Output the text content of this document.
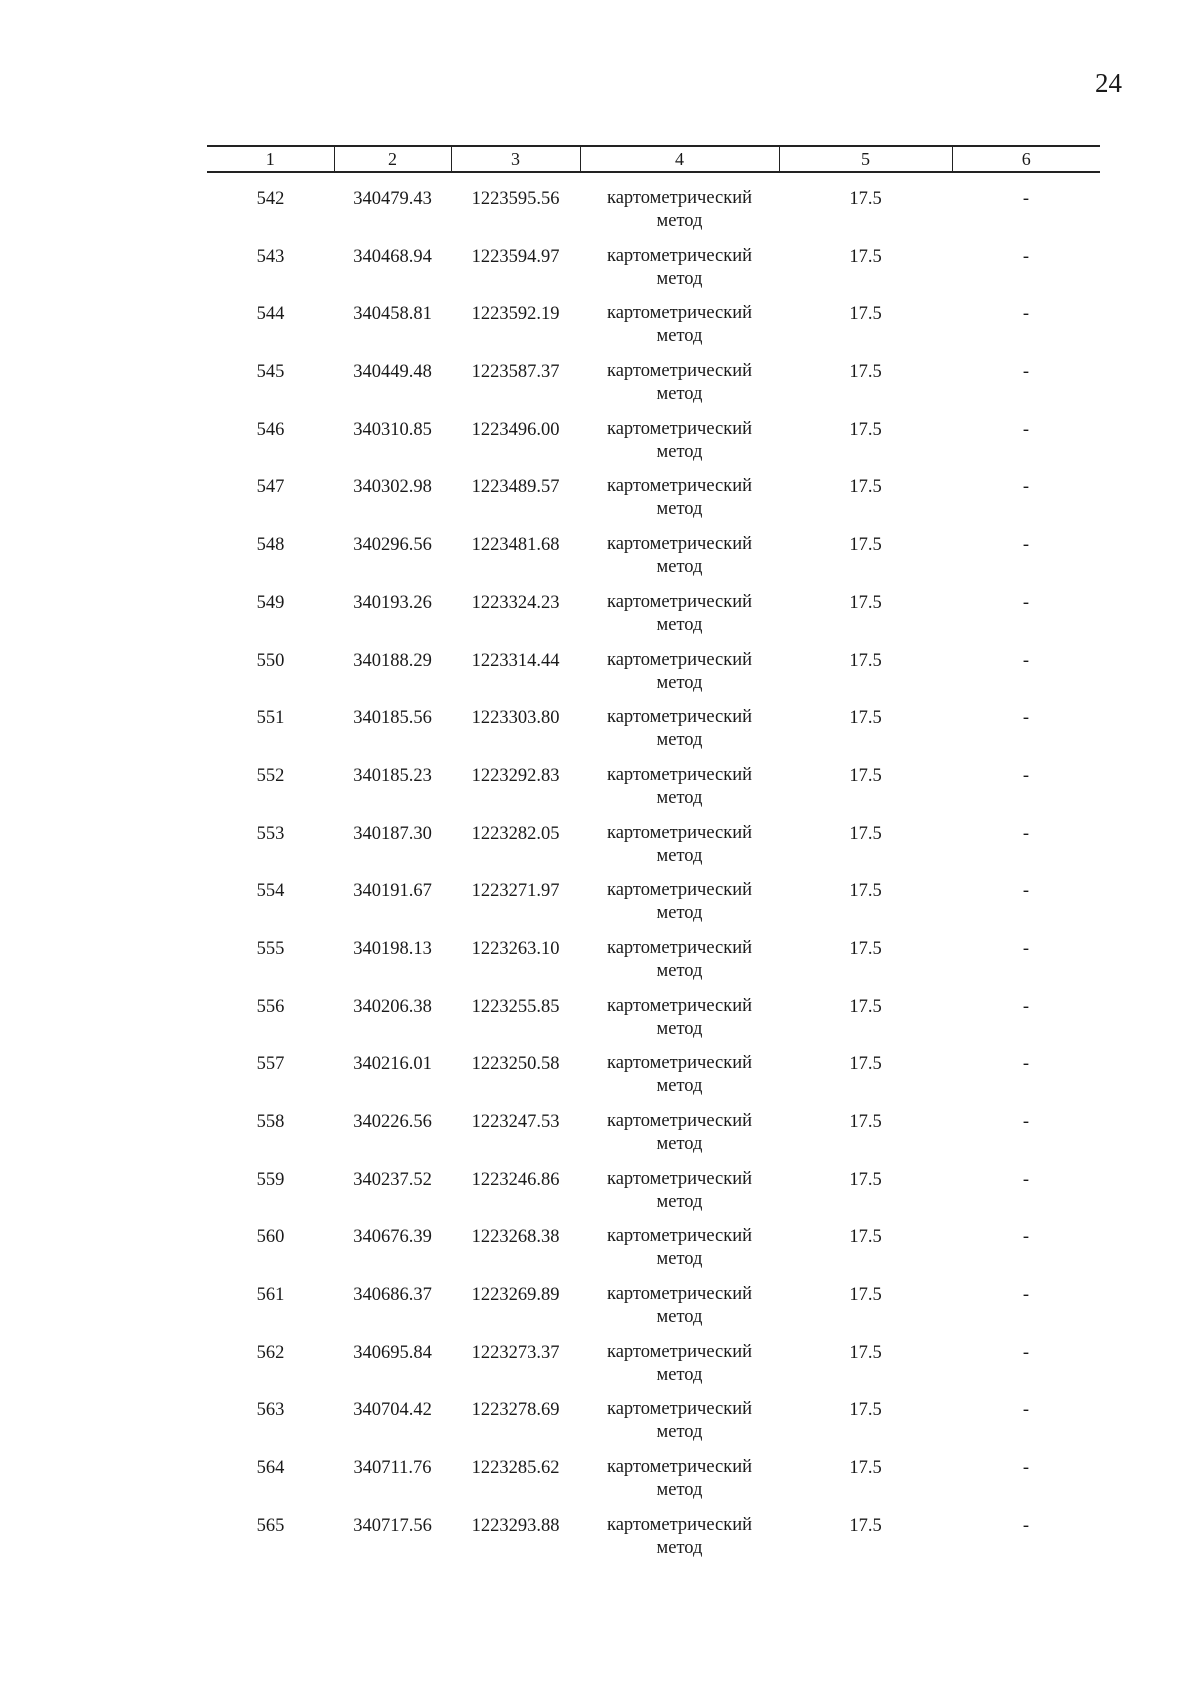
24
1	2	3	4	5	6

542	340479.43	1223595.56	картометрический
метод	17.5	-
543	340468.94	1223594.97	картометрический
метод	17.5	-
544	340458.81	1223592.19	картометрический
метод	17.5	-
545	340449.48	1223587.37	картометрический
метод	17.5	-
546	340310.85	1223496.00	картометрический
метод	17.5	-
547	340302.98	1223489.57	картометрический
метод	17.5	-
548	340296.56	1223481.68	картометрический
метод	17.5	-
549	340193.26	1223324.23	картометрический
метод	17.5	-
550	340188.29	1223314.44	картометрический
метод	17.5	-
551	340185.56	1223303.80	картометрический
метод	17.5	-
552	340185.23	1223292.83	картометрический
метод	17.5	-
553	340187.30	1223282.05	картометрический
метод	17.5	-
554	340191.67	1223271.97	картометрический
метод	17.5	-
555	340198.13	1223263.10	картометрический
метод	17.5	-
556	340206.38	1223255.85	картометрический
метод	17.5	-
557	340216.01	1223250.58	картометрический
метод	17.5	-
558	340226.56	1223247.53	картометрический
метод	17.5	-
559	340237.52	1223246.86	картометрический
метод	17.5	-
560	340676.39	1223268.38	картометрический
метод	17.5	-
561	340686.37	1223269.89	картометрический
метод	17.5	-
562	340695.84	1223273.37	картометрический
метод	17.5	-
563	340704.42	1223278.69	картометрический
метод	17.5	-
564	340711.76	1223285.62	картометрический
метод	17.5	-
565	340717.56	1223293.88	картометрический
метод	17.5	-
